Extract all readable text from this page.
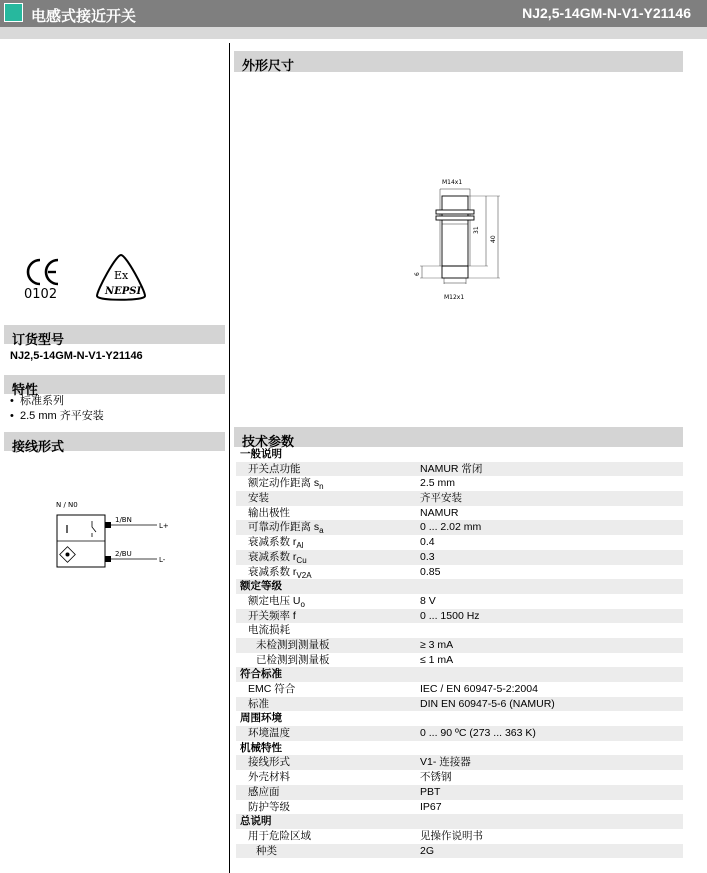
电感式接近开关	NJ2,5-14GM-N-V1-Y21146
0102
Ex
NEPSI
订货型号
NJ2,5-14GM-N-V1-Y21146
特性
•  标准系列
•  2.5 mm 齐平安装
接线形式
N / N0
1/BN
2/BU
L+
L-
外形尺寸
M14x1
M12x1
31
40
6
技术参数
一般说明
开关点功能	NAMUR 常闭
额定动作距离 $s_n$	2.5 mm
安装	齐平安装
输出极性	NAMUR
可靠动作距离 $s_a$	0 ... 2.02 mm
衰减系数 $r_{Al}$	0.4
衰减系数 $r_{Cu}$	0.3
衰减系数 $r_{V2A}$	0.85
额定等级
额定电压 $U_o$	8 V
开关频率 f	0 ... 1500 Hz
电流损耗
未检测到测量板	≥ 3 mA
已检测到测量板	≤ 1 mA
符合标准
EMC 符合	IEC / EN 60947-5-2:2004
标准	DIN EN 60947-5-6 (NAMUR)
周围环境
环境温度	0 ... 90 ºC (273 ... 363 K)
机械特性
接线形式	V1- 连接器
外壳材料	不锈钢
感应面	PBT
防护等级	IP67
总说明
用于危险区域	见操作说明书
种类	2G
